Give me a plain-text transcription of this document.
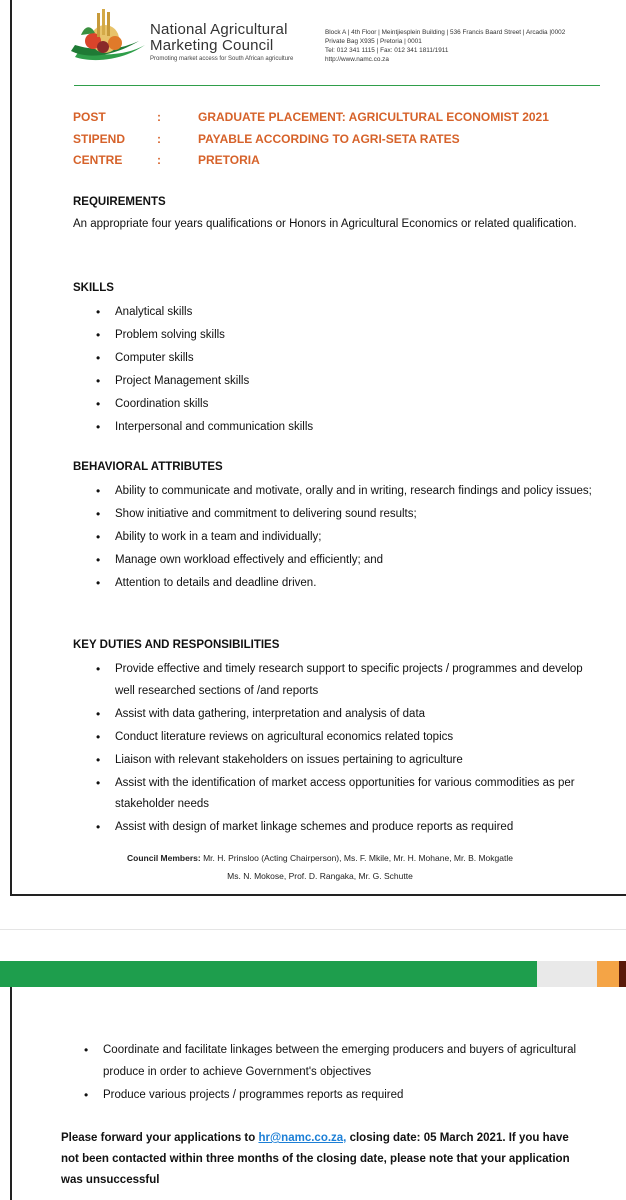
National Agricultural
Marketing Council
Promoting market access for South African agriculture
Block A | 4th Floor | Meintjiesplein Building | 536 Francis Baard Street | Arcadia |0002
Private Bag X935 | Pretoria | 0001
Tel: 012 341 1115 | Fax: 012 341 1811/1911
http://www.namc.co.za
POST	:	GRADUATE PLACEMENT: AGRICULTURAL ECONOMIST 2021
STIPEND	:	PAYABLE ACCORDING TO AGRI-SETA RATES
CENTRE	:	PRETORIA
REQUIREMENTS
An appropriate four years qualifications or Honors in Agricultural Economics or related qualification.
SKILLS
• Analytical skills
• Problem solving skills
• Computer skills
• Project Management skills
• Coordination skills
• Interpersonal and communication skills
BEHAVIORAL ATTRIBUTES
• Ability to communicate and motivate, orally and in writing, research findings and policy issues;
• Show initiative and commitment to delivering sound results;
• Ability to work in a team and individually;
• Manage own workload effectively and efficiently; and
• Attention to details and deadline driven.
KEY DUTIES AND RESPONSIBILITIES
• Provide effective and timely research support to specific projects / programmes and develop well researched sections of /and reports
• Assist with data gathering, interpretation and analysis of data
• Conduct literature reviews on agricultural economics related topics
• Liaison with relevant stakeholders on issues pertaining to agriculture
• Assist with the identification of market access opportunities for various commodities as per stakeholder needs
• Assist with design of market linkage schemes and produce reports as required
Council Members: Mr. H. Prinsloo (Acting Chairperson), Ms. F. Mkile, Mr. H. Mohane, Mr. B. Mokgatle
Ms. N. Mokose, Prof. D. Rangaka, Mr. G. Schutte
• Coordinate and facilitate linkages between the emerging producers and buyers of agricultural produce in order to achieve Government's objectives
• Produce various projects / programmes reports as required
Please forward your applications to hr@namc.co.za, closing date: 05 March 2021. If you have not been contacted within three months of the closing date, please note that your application was unsuccessful
